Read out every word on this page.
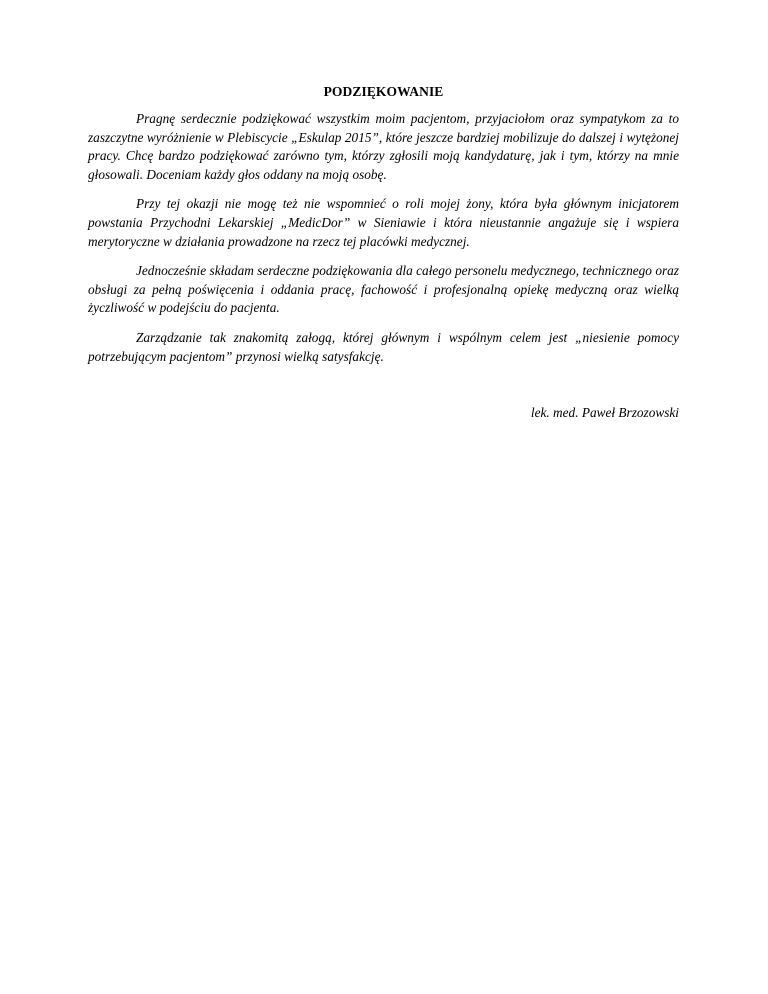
PODZIĘKOWANIE

Pragnę serdecznie podziękować wszystkim moim pacjentom, przyjaciołom oraz sympatykom za to zaszczytne wyróżnienie w Plebiscycie „Eskulap 2015”, które jeszcze bardziej mobilizuje do dalszej i wytężonej pracy. Chcę bardzo podziękować zarówno tym, którzy zgłosili moją kandydaturę, jak i tym, którzy na mnie głosowali. Doceniam każdy głos oddany na moją osobę.

Przy tej okazji nie mogę też nie wspomnieć o roli mojej żony, która była głównym inicjatorem powstania Przychodni Lekarskiej „MedicDor” w Sieniawie i która nieustannie angażuje się i wspiera merytoryczne w działania prowadzone na rzecz tej placówki medycznej.

Jednocześnie składam serdeczne podziękowania dla całego personelu medycznego, technicznego oraz obsługi za pełną poświęcenia i oddania pracę, fachowość i profesjonalną opiekę medyczną oraz wielką życzliwość w podejściu do pacjenta.

Zarządzanie tak znakomitą załogą, której głównym i wspólnym celem jest „niesienie pomocy potrzebującym pacjentom” przynosi wielką satysfakcję.

lek. med. Paweł Brzozowski
